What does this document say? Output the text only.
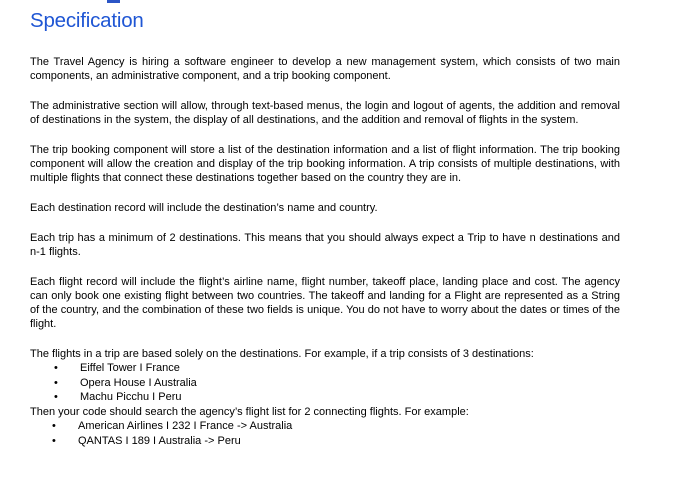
Specification

The Travel Agency is hiring a software engineer to develop a new management system, which consists of two main components, an administrative component, and a trip booking component.

The administrative section will allow, through text-based menus, the login and logout of agents, the addition and removal of destinations in the system, the display of all destinations, and the addition and removal of flights in the system.

The trip booking component will store a list of the destination information and a list of flight information. The trip booking component will allow the creation and display of the trip booking information. A trip consists of multiple destinations, with multiple flights that connect these destinations together based on the country they are in.

Each destination record will include the destination’s name and country.

Each trip has a minimum of 2 destinations. This means that you should always expect a Trip to have n destinations and n-1 flights.

Each flight record will include the flight’s airline name, flight number, takeoff place, landing place and cost. The agency can only book one existing flight between two countries. The takeoff and landing for a Flight are represented as a String of the country, and the combination of these two fields is unique. You do not have to worry about the dates or times of the flight.

The flights in a trip are based solely on the destinations. For example, if a trip consists of 3 destinations:

• Eiffel Tower I France
• Opera House I Australia
• Machu Picchu I Peru

Then your code should search the agency’s flight list for 2 connecting flights. For example:

• American Airlines I 232 I France -> Australia
• QANTAS I 189 I Australia -> Peru
